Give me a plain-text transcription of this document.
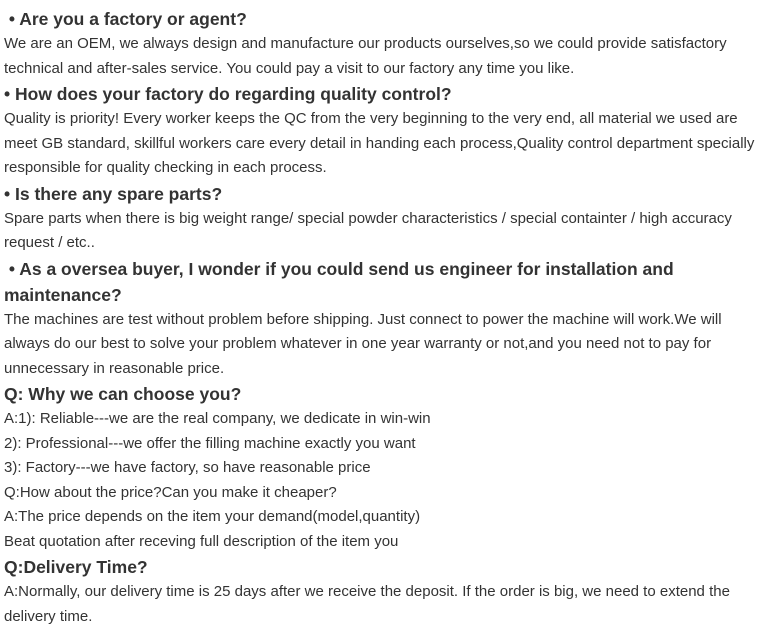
• Are you a factory or agent?

We are an OEM, we always design and manufacture our products ourselves,so we could provide satisfactory technical and after-sales service. You could pay a visit to our factory any time you like.

• How does your factory do regarding quality control?

Quality is priority! Every worker keeps the QC from the very beginning to the very end, all material we used are meet GB standard, skillful workers care every detail in handing each process,Quality control department specially responsible for quality checking in each process.

• Is there any spare parts?

Spare parts when there is big weight range/ special powder characteristics / special containter / high accuracy request / etc..

• As a oversea buyer, I wonder if you could send us engineer for installation and maintenance?

The machines are test without problem before shipping. Just connect to power the machine will work.We will always do our best to solve your problem whatever in one year warranty or not,and you need not to pay for unnecessary in reasonable price.

Q: Why we can choose you?

A:1): Reliable---we are the real company, we dedicate in win-win

2): Professional---we offer the filling machine exactly you want

3): Factory---we have factory, so have reasonable price

Q:How about the price?Can you make it cheaper?

A:The price depends on the item your demand(model,quantity)

Beat quotation after receving full description of the item you

Q:Delivery Time?

A:Normally, our delivery time is 25 days after we receive the deposit. If the order is big, we need to extend the delivery time.
